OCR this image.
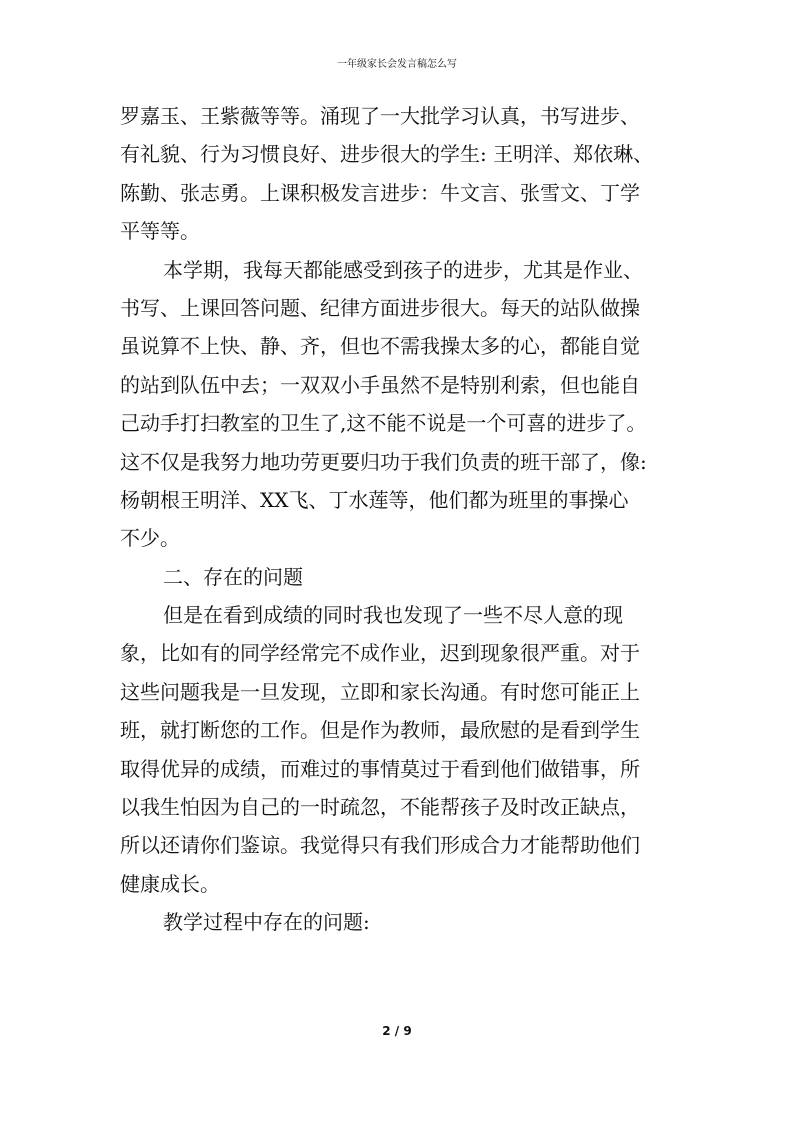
一年级家长会发言稿怎么写
罗嘉玉、王紫薇等等。涌现了一大批学习认真，书写进步、
有礼貌、行为习惯良好、进步很大的学生: 王明洋、郑依琳、
陈勤、张志勇。上课积极发言进步：牛文言、张雪文、丁学
平等等。
本学期，我每天都能感受到孩子的进步，尤其是作业、
书写、上课回答问题、纪律方面进步很大。每天的站队做操
虽说算不上快、静、齐，但也不需我操太多的心，都能自觉
的站到队伍中去；一双双小手虽然不是特别利索，但也能自
己动手打扫教室的卫生了,这不能不说是一个可喜的进步了。
这不仅是我努力地功劳更要归功于我们负责的班干部了，像:
杨朝根王明洋、XX飞、丁水莲等，他们都为班里的事操心
不少。
二、存在的问题
但是在看到成绩的同时我也发现了一些不尽人意的现
象，比如有的同学经常完不成作业，迟到现象很严重。对于
这些问题我是一旦发现，立即和家长沟通。有时您可能正上
班，就打断您的工作。但是作为教师，最欣慰的是看到学生
取得优异的成绩，而难过的事情莫过于看到他们做错事，所
以我生怕因为自己的一时疏忽，不能帮孩子及时改正缺点，
所以还请你们鉴谅。我觉得只有我们形成合力才能帮助他们
健康成长。
教学过程中存在的问题:
2 / 9
